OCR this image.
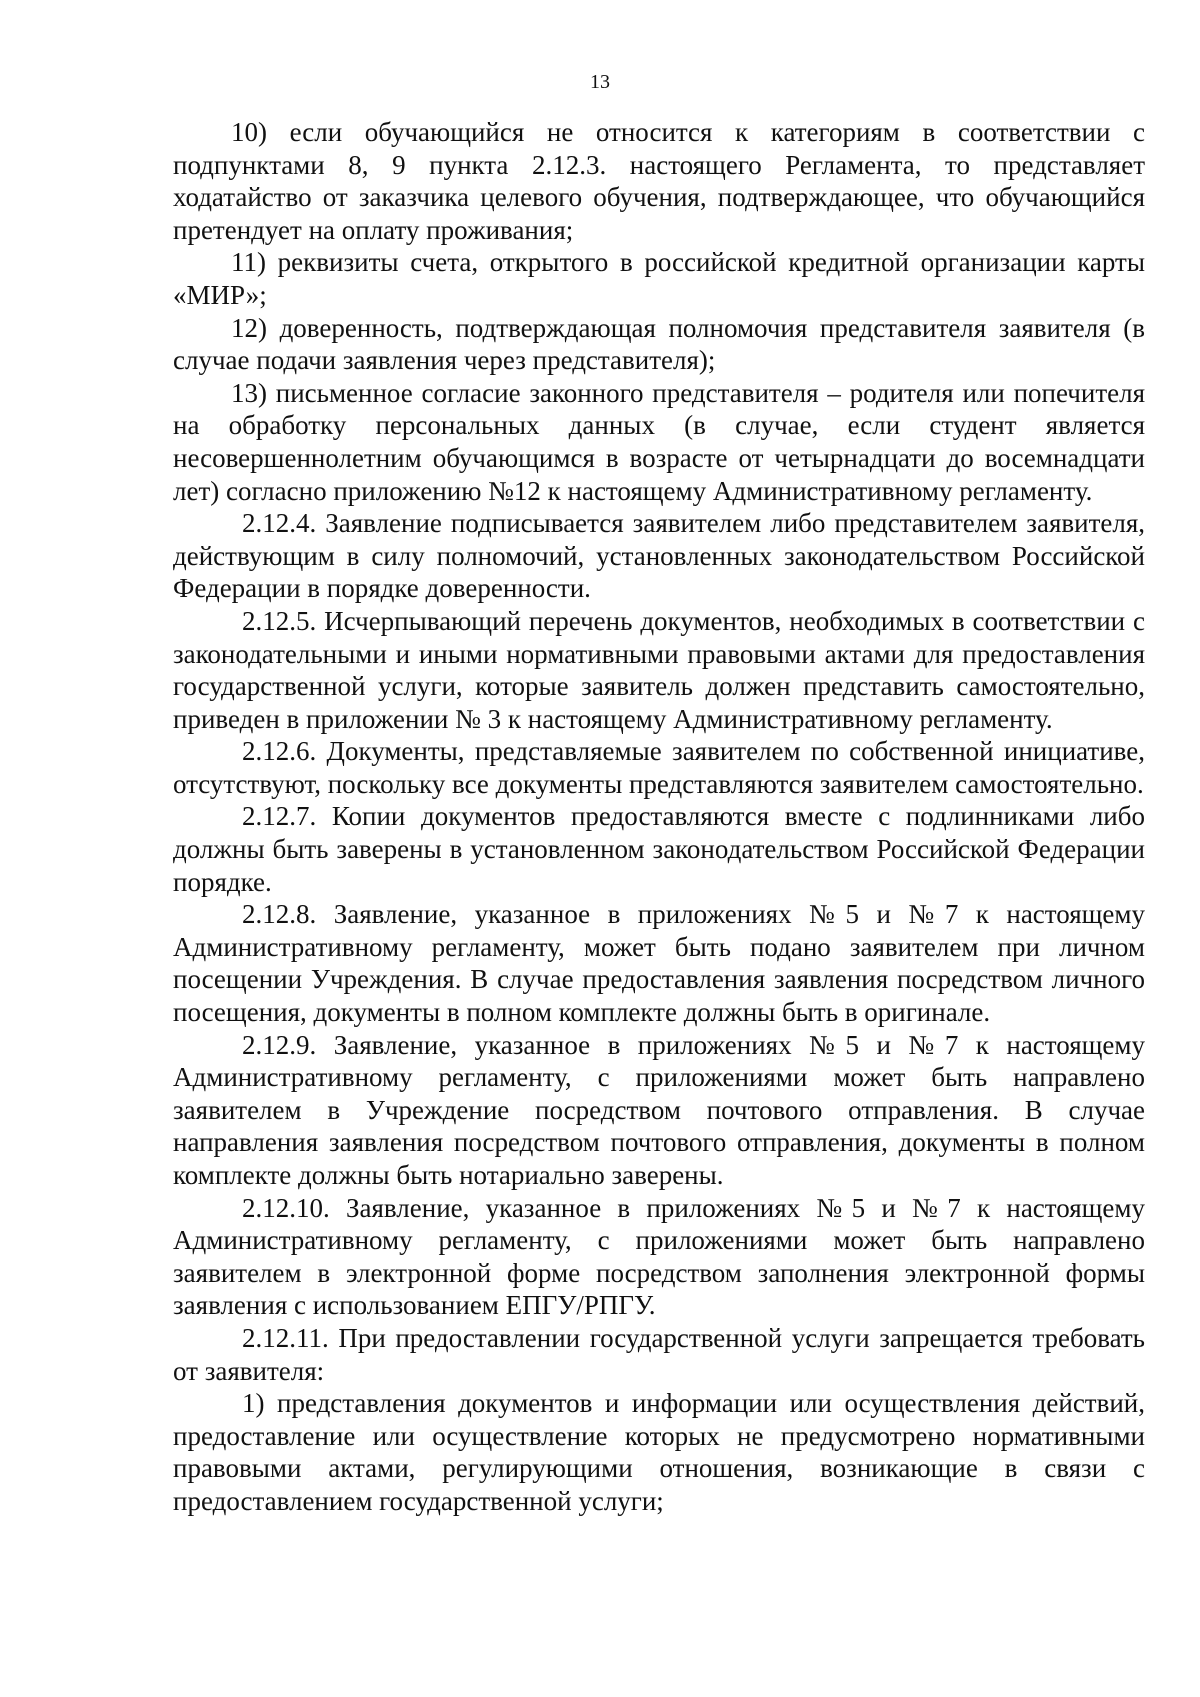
13

10) если обучающийся не относится к категориям в соответствии с подпунктами 8, 9 пункта 2.12.3. настоящего Регламента, то представляет ходатайство от заказчика целевого обучения, подтверждающее, что обучающийся претендует на оплату проживания;

11) реквизиты счета, открытого в российской кредитной организации карты «МИР»;

12) доверенность, подтверждающая полномочия представителя заявителя (в случае подачи заявления через представителя);

13) письменное согласие законного представителя – родителя или попечителя на обработку персональных данных (в случае, если студент является несовершеннолетним обучающимся в возрасте от четырнадцати до восемнадцати лет) согласно приложению №12 к настоящему Административному регламенту.

2.12.4. Заявление подписывается заявителем либо представителем заявителя, действующим в силу полномочий, установленных законодательством Российской Федерации в порядке доверенности.

2.12.5. Исчерпывающий перечень документов, необходимых в соответствии с законодательными и иными нормативными правовыми актами для предоставления государственной услуги, которые заявитель должен представить самостоятельно, приведен в приложении № 3 к настоящему Административному регламенту.

2.12.6. Документы, представляемые заявителем по собственной инициативе, отсутствуют, поскольку все документы представляются заявителем самостоятельно.

2.12.7. Копии документов предоставляются вместе с подлинниками либо должны быть заверены в установленном законодательством Российской Федерации порядке.

2.12.8. Заявление, указанное в приложениях №5 и №7 к настоящему Административному регламенту, может быть подано заявителем при личном посещении Учреждения. В случае предоставления заявления посредством личного посещения, документы в полном комплекте должны быть в оригинале.

2.12.9. Заявление, указанное в приложениях №5 и №7 к настоящему Административному регламенту, с приложениями может быть направлено заявителем в Учреждение посредством почтового отправления. В случае направления заявления посредством почтового отправления, документы в полном комплекте должны быть нотариально заверены.

2.12.10. Заявление, указанное в приложениях №5 и №7 к настоящему Административному регламенту, с приложениями может быть направлено заявителем в электронной форме посредством заполнения электронной формы заявления с использованием ЕПГУ/РПГУ.

2.12.11. При предоставлении государственной услуги запрещается требовать от заявителя:

1) представления документов и информации или осуществления действий, предоставление или осуществление которых не предусмотрено нормативными правовыми актами, регулирующими отношения, возникающие в связи с предоставлением государственной услуги;
